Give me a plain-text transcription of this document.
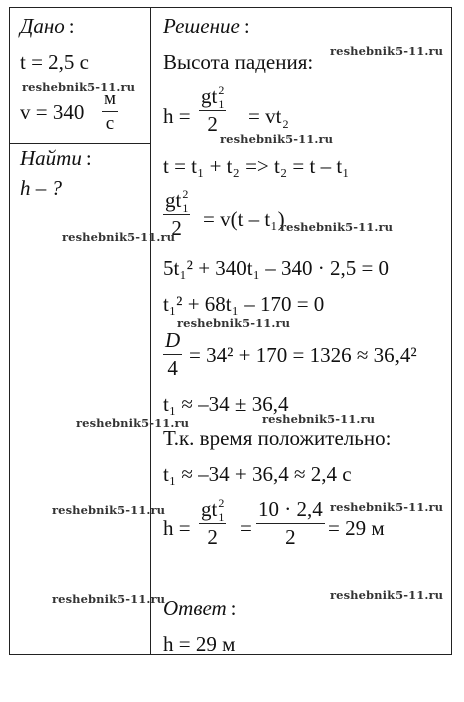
Дано :
t = 2,5 с
v = 340
м
с
Найти :
h – ?
Решение :
Высота падения:
h =
$gt_1^2$
2	= $vt_2$
t = t₁ + t₂ => t₂ = t – t₁
$gt_1^2$
2	= v(t – t₁)
5t₁² + 340t₁ – 340 · 2,5 = 0
t₁² + 68t₁ – 170 = 0
D
4
= 34² + 170 = 1326 ≈ 36,4²
t₁ ≈ –34 ± 36,4
Т.к. время положительно:
t₁ ≈ –34 + 36,4 ≈ 2,4 с
h =
$gt_1^2$
2	=
10 · 2,4
2	= 29 м
Ответ :
h = 29 м
reshebnik5-11.ru
reshebnik5-11.ru
reshebnik5-11.ru
reshebnik5-11.ru
reshebnik5-11.ru
reshebnik5-11.ru
reshebnik5-11.ru	reshebnik5-11.ru
reshebnik5-11.ru	reshebnik5-11.ru
reshebnik5-11.ru	reshebnik5-11.ru
